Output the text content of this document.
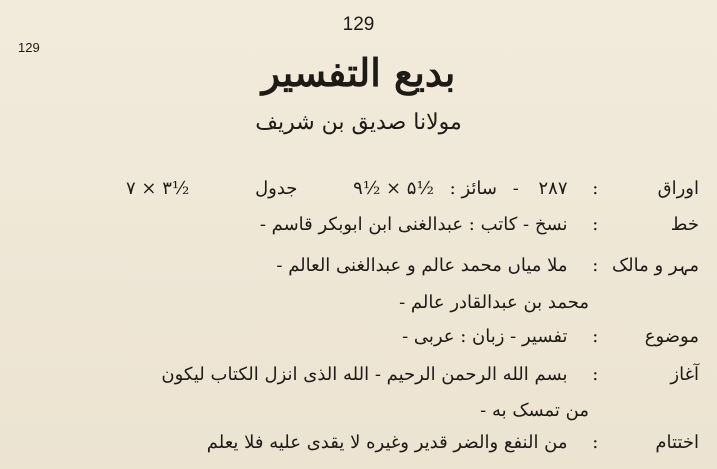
129
129
بدیع التفسیر
مولانا صدیق بن شریف
اوراق : ۲۸۷ - سائز : ۹½ × ۵½ جدول ۷ × ۳½
خط : نسخ - کاتب : عبدالغنی ابن ابوبکر قاسم -
مہر و مالک : ملا میاں محمد عالم و عبدالغنی العالم -
محمد بن عبدالقادر عالم -
موضوع : تفسیر - زبان : عربی -
آغاز : بسم الله الرحمن الرحیم - الله الذی انزل الکتاب لیکون
من تمسک به -
اختتام : من النفع والضر قدیر وغیره لا یقدی علیه فلا یعلم
